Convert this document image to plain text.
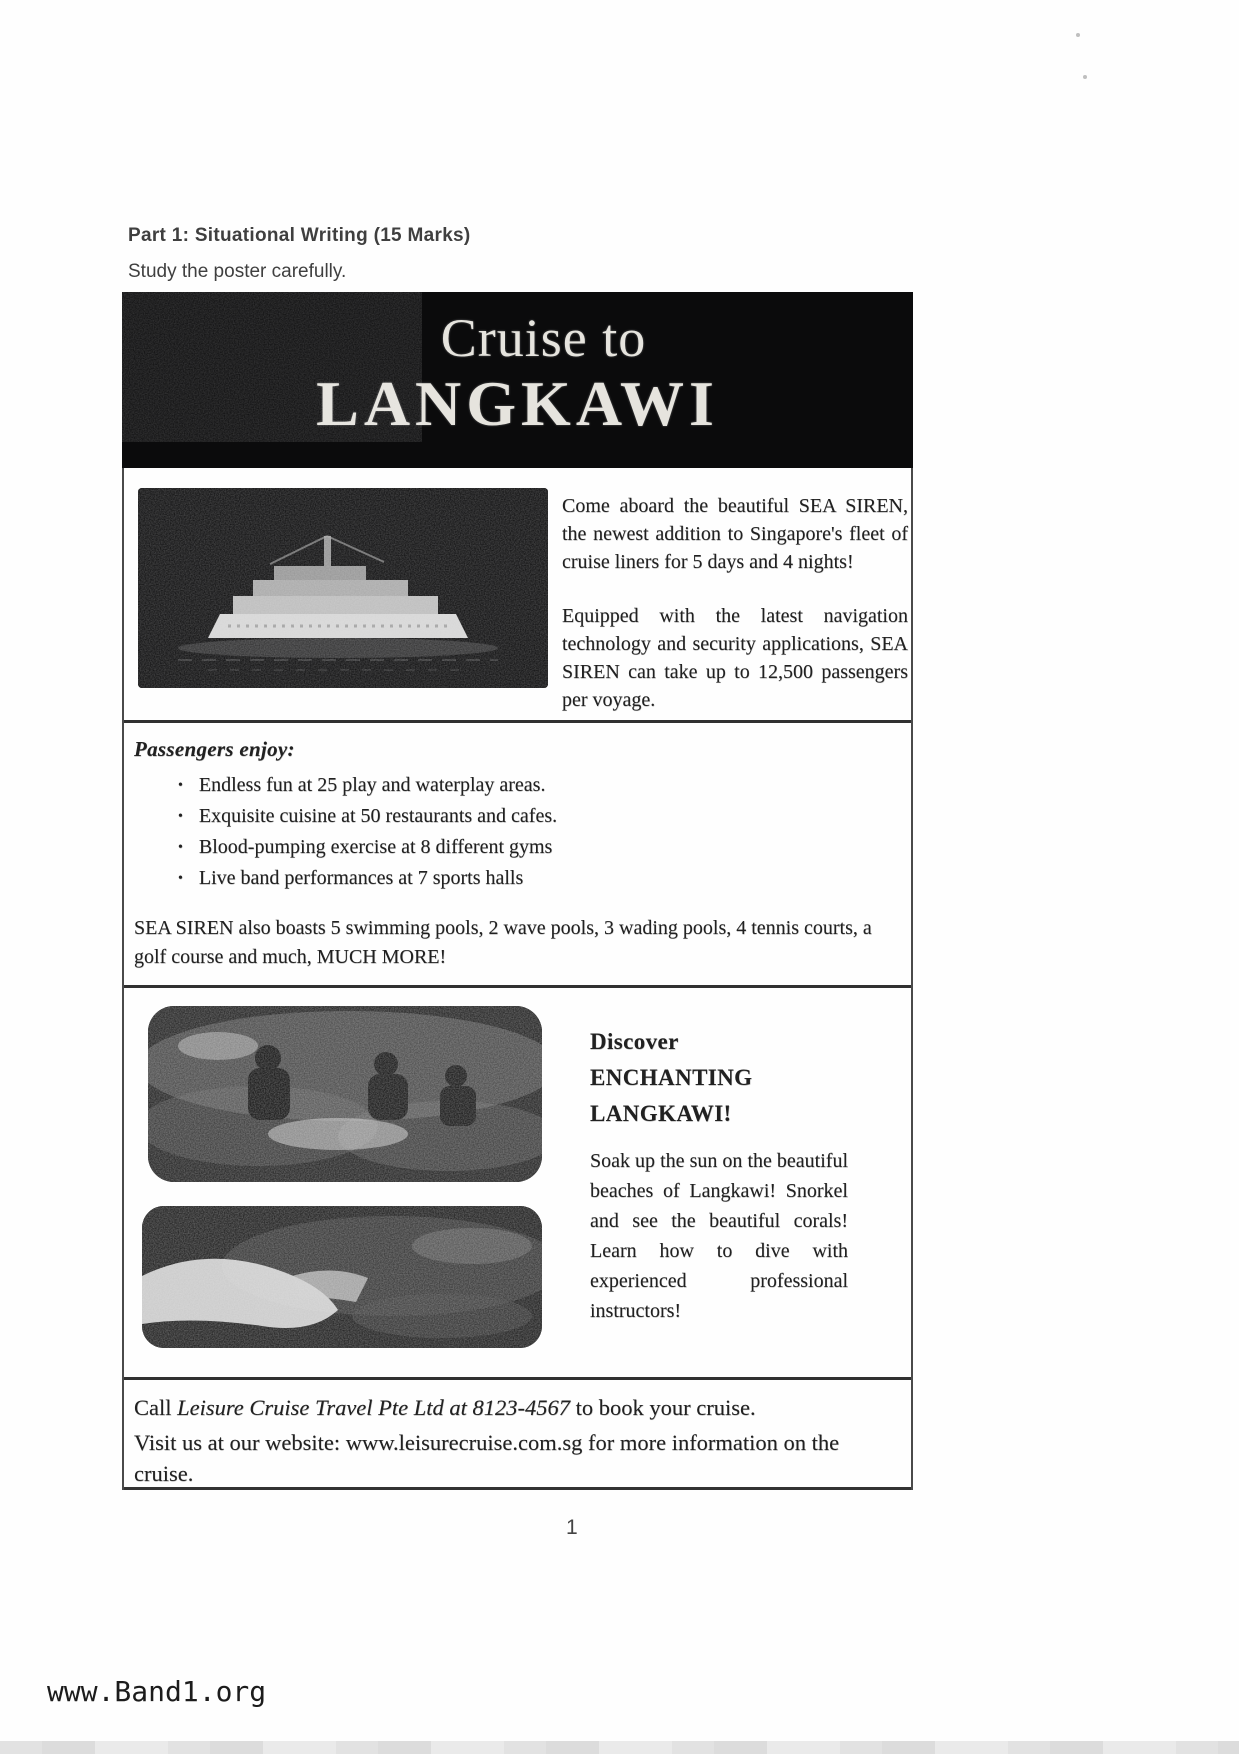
Part 1: Situational Writing (15 Marks)
Study the poster carefully.
Cruise to
LANGKAWI

Come aboard the beautiful SEA SIREN, the newest addition to Singapore's fleet of cruise liners for 5 days and 4 nights!

Equipped with the latest navigation technology and security applications, SEA SIREN can take up to 12,500 passengers per voyage.

Passengers enjoy:
• Endless fun at 25 play and waterplay areas.
• Exquisite cuisine at 50 restaurants and cafes.
• Blood-pumping exercise at 8 different gyms
• Live band performances at 7 sports halls

SEA SIREN also boasts 5 swimming pools, 2 wave pools, 3 wading pools, 4 tennis courts, a golf course and much, MUCH MORE!

Discover
ENCHANTING
LANGKAWI!

Soak up the sun on the beautiful beaches of Langkawi! Snorkel and see the beautiful corals! Learn how to dive with experienced professional instructors!

Call Leisure Cruise Travel Pte Ltd at 8123-4567 to book your cruise.

Visit us at our website: www.leisurecruise.com.sg for more information on the cruise.

1
www.Band1.org
